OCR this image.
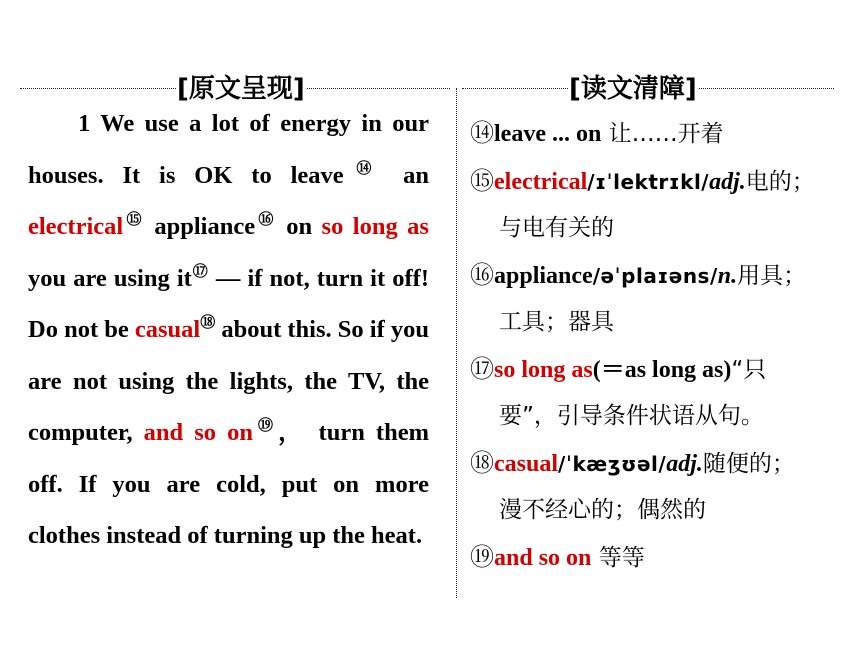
[原文呈现]	[读文清障]

1 We use a lot of energy in our houses. It is OK to leave⑭ an electrical⑮ appliance⑯ on so long as you are using it⑰ — if not, turn it off! Do not be casual⑱ about this. So if you are not using the lights, the TV, the computer, and so on⑲， turn them off. If you are cold, put on more clothes instead of turning up the heat.

⑭leave ... on 让……开着

⑮electrical/ɪˈlektrɪkl/adj.电的；

与电有关的

⑯appliance/əˈplaɪəns/n.用具；

工具；器具

⑰so long as(＝as long as)“只

要”，引导条件状语从句。

⑱casual/ˈkæʒʊəl/adj.随便的；

漫不经心的；偶然的

⑲and so on 等等
